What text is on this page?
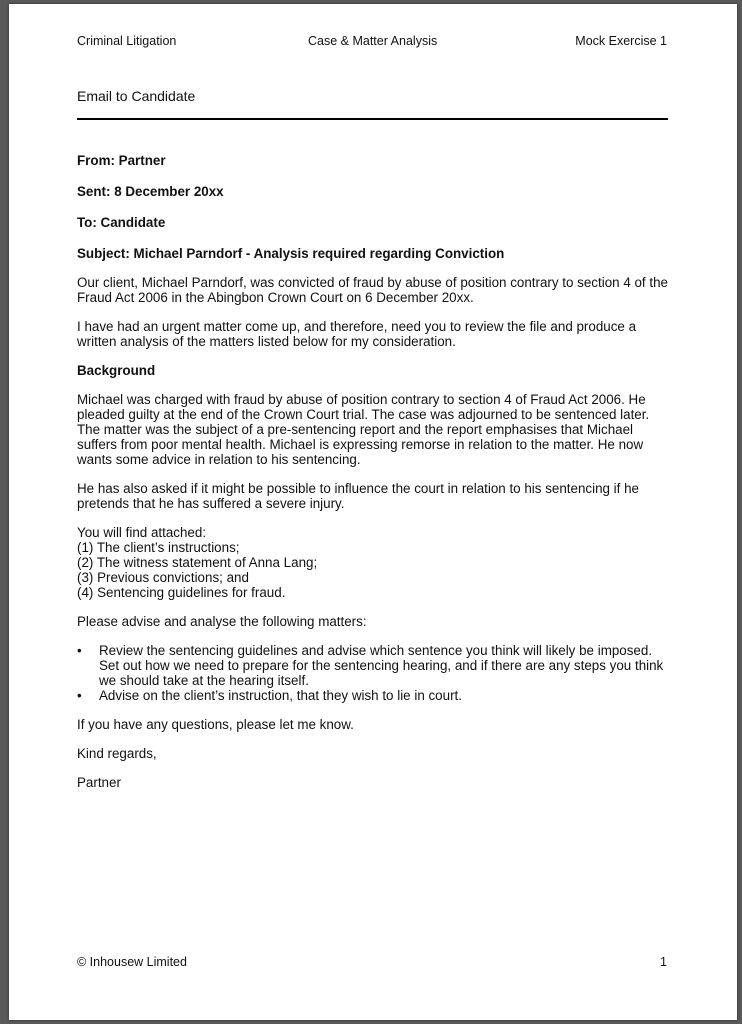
Criminal Litigation	Case & Matter Analysis	Mock Exercise 1
Email to Candidate

From: Partner

Sent: 8 December 20xx

To: Candidate

Subject: Michael Parndorf - Analysis required regarding Conviction

Our client, Michael Parndorf, was convicted of fraud by abuse of position contrary to section 4 of the Fraud Act 2006 in the Abingbon Crown Court on 6 December 20xx.

I have had an urgent matter come up, and therefore, need you to review the file and produce a written analysis of the matters listed below for my consideration.

Background

Michael was charged with fraud by abuse of position contrary to section 4 of Fraud Act 2006. He pleaded guilty at the end of the Crown Court trial. The case was adjourned to be sentenced later. The matter was the subject of a pre-sentencing report and the report emphasises that Michael suffers from poor mental health. Michael is expressing remorse in relation to the matter. He now wants some advice in relation to his sentencing.

He has also asked if it might be possible to influence the court in relation to his sentencing if he pretends that he has suffered a severe injury.

You will find attached:

(1) The client’s instructions;
(2) The witness statement of Anna Lang;
(3) Previous convictions; and
(4) Sentencing guidelines for fraud.

Please advise and analyse the following matters:

• Review the sentencing guidelines and advise which sentence you think will likely be imposed. Set out how we need to prepare for the sentencing hearing, and if there are any steps you think we should take at the hearing itself.
• Advise on the client’s instruction, that they wish to lie in court.

If you have any questions, please let me know.

Kind regards,

Partner

© Inhousew Limited	1
